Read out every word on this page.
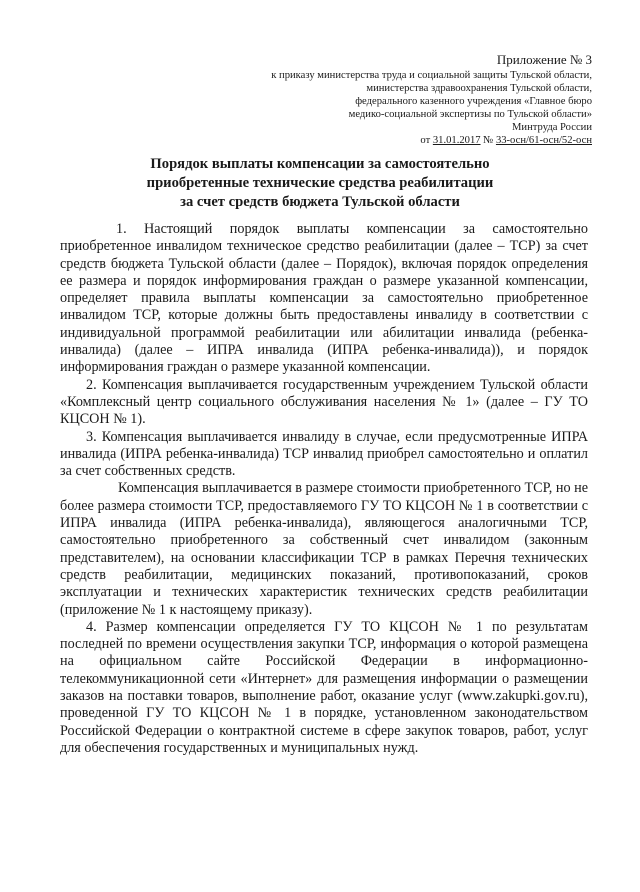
Приложение № 3
к приказу министерства труда и социальной защиты Тульской области,
министерства здравоохранения Тульской области,
федерального казенного учреждения «Главное бюро
медико-социальной экспертизы по Тульской области»
Минтруда России
от 31.01.2017 № 33-осн/61-осн/52-осн
Порядок выплаты компенсации за самостоятельно
приобретенные технические средства реабилитации
за счет средств бюджета Тульской области

1. Настоящий порядок выплаты компенсации за самостоятельно приобретенное инвалидом техническое средство реабилитации (далее – ТСР) за счет средств бюджета Тульской области (далее – Порядок), включая порядок определения ее размера и порядок информирования граждан о размере указанной компенсации, определяет правила выплаты компенсации за самостоятельно приобретенное инвалидом ТСР, которые должны быть предоставлены инвалиду в соответствии с индивидуальной программой реабилитации или абилитации инвалида (ребенка-инвалида) (далее – ИПРА инвалида (ИПРА ребенка-инвалида)), и порядок информирования граждан о размере указанной компенсации.

2. Компенсация выплачивается государственным учреждением Тульской области «Комплексный центр социального обслуживания населения № 1» (далее – ГУ ТО КЦСОН № 1).

3. Компенсация выплачивается инвалиду в случае, если предусмотренные ИПРА инвалида (ИПРА ребенка-инвалида) ТСР инвалид приобрел самостоятельно и оплатил за счет собственных средств.

Компенсация выплачивается в размере стоимости приобретенного ТСР, но не более размера стоимости ТСР, предоставляемого ГУ ТО КЦСОН № 1 в соответствии с ИПРА инвалида (ИПРА ребенка-инвалида), являющегося аналогичными ТСР, самостоятельно приобретенного за собственный счет инвалидом (законным представителем), на основании классификации ТСР в рамках Перечня технических средств реабилитации, медицинских показаний, противопоказаний, сроков эксплуатации и технических характеристик технических средств реабилитации (приложение № 1 к настоящему приказу).

4. Размер компенсации определяется ГУ ТО КЦСОН № 1 по результатам последней по времени осуществления закупки ТСР, информация о которой размещена на официальном сайте Российской Федерации в информационно-телекоммуникационной сети «Интернет» для размещения информации о размещении заказов на поставки товаров, выполнение работ, оказание услуг (www.zakupki.gov.ru), проведенной ГУ ТО КЦСОН № 1 в порядке, установленном законодательством Российской Федерации о контрактной системе в сфере закупок товаров, работ, услуг для обеспечения государственных и муниципальных нужд.
